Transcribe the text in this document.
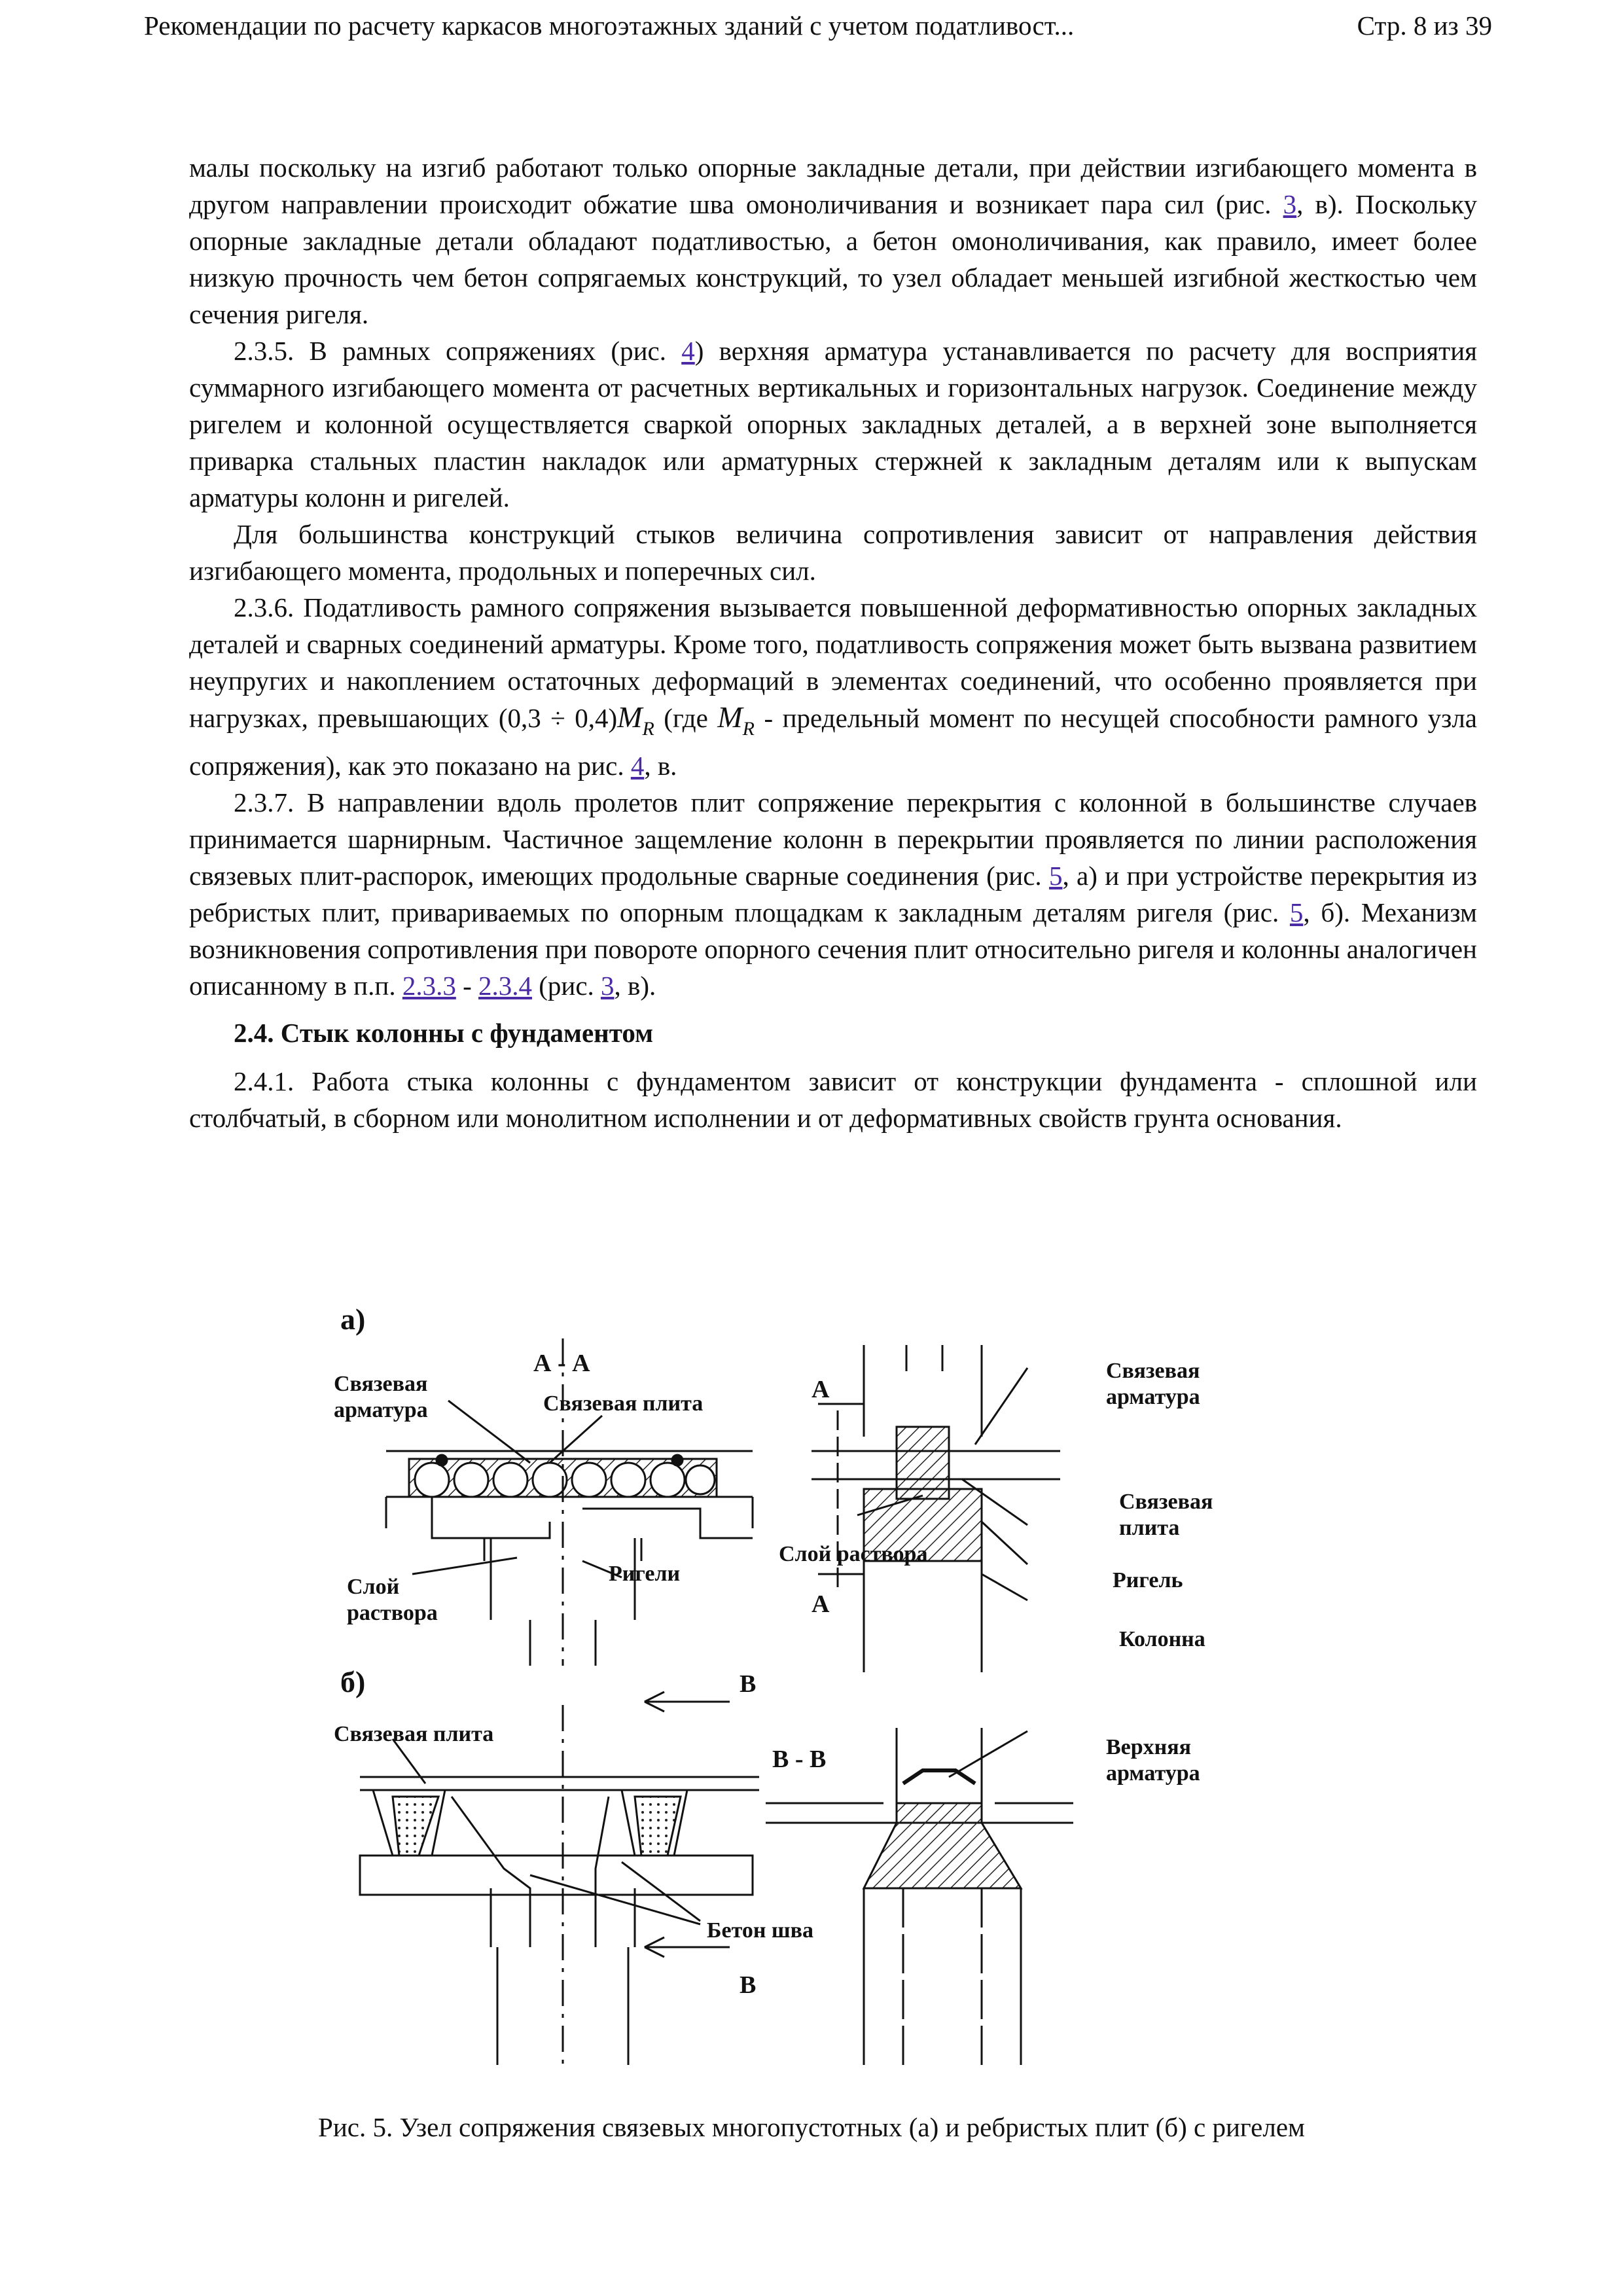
Рекомендации по расчету каркасов многоэтажных зданий с учетом податливост...	Стр. 8 из 39

малы поскольку на изгиб работают только опорные закладные детали, при действии изгибающего момента в другом направлении происходит обжатие шва омоноличивания и возникает пара сил (рис. 3, в). Поскольку опорные закладные детали обладают податливостью, а бетон омоноличивания, как правило, имеет более низкую прочность чем бетон сопрягаемых конструкций, то узел обладает меньшей изгибной жесткостью чем сечения ригеля.

2.3.5. В рамных сопряжениях (рис. 4) верхняя арматура устанавливается по расчету для восприятия суммарного изгибающего момента от расчетных вертикальных и горизонтальных нагрузок. Соединение между ригелем и колонной осуществляется сваркой опорных закладных деталей, а в верхней зоне выполняется приварка стальных пластин накладок или арматурных стержней к закладным деталям или к выпускам арматуры колонн и ригелей.

Для большинства конструкций стыков величина сопротивления зависит от направления действия изгибающего момента, продольных и поперечных сил.

2.3.6. Податливость рамного сопряжения вызывается повышенной деформативностью опорных закладных деталей и сварных соединений арматуры. Кроме того, податливость сопряжения может быть вызвана развитием неупругих и накоплением остаточных деформаций в элементах соединений, что особенно проявляется при нагрузках, превышающих $(0,3 \div 0,4)M_R$ (где $M_R$ - предельный момент по несущей способности рамного узла сопряжения), как это показано на рис. 4, в.

2.3.7. В направлении вдоль пролетов плит сопряжение перекрытия с колонной в большинстве случаев принимается шарнирным. Частичное защемление колонн в перекрытии проявляется по линии расположения связевых плит-распорок, имеющих продольные сварные соединения (рис. 5, а) и при устройстве перекрытия из ребристых плит, привариваемых по опорным площадкам к закладным деталям ригеля (рис. 5, б). Механизм возникновения сопротивления при повороте опорного сечения плит относительно ригеля и колонны аналогичен описанному в п.п. 2.3.3 - 2.3.4 (рис. 3, в).

2.4. Стык колонны с фундаментом

2.4.1. Работа стыка колонны с фундаментом зависит от конструкции фундамента - сплошной или столбчатый, в сборном или монолитном исполнении и от деформативных свойств грунта основания.

а)
б)
А - А
А
А
В - В
В
В
Связевая
арматура	Связевая плита
Ригели
Слой
раствора
Связевая
арматура
Слой раствора
Связевая
плита
Ригель
Колонна
Связевая плита
Верхняя
арматура
Бетон шва
Рис. 5. Узел сопряжения связевых многопустотных (а) и ребристых плит (б) с ригелем
